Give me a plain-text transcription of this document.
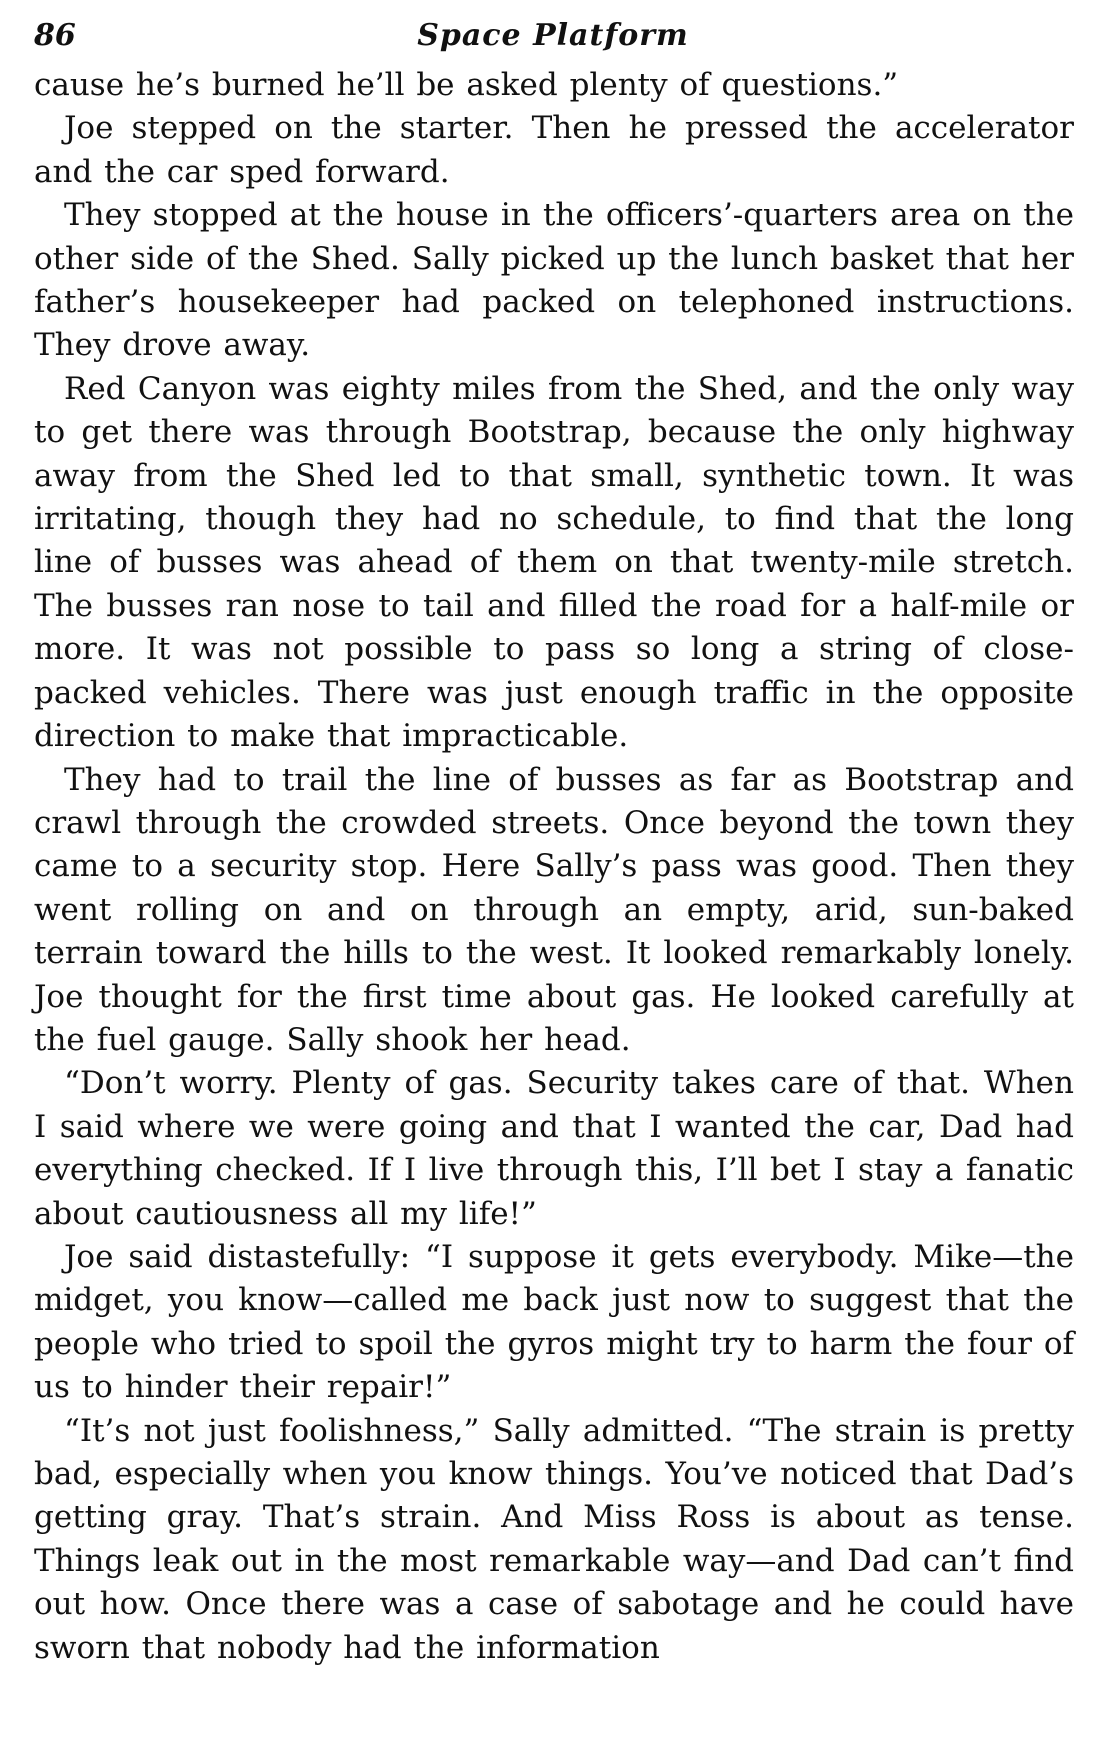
86	Space Platform

cause he’s burned he’ll be asked plenty of questions.”

Joe stepped on the starter. Then he pressed the accelerator and the car sped forward.

They stopped at the house in the officers’-quarters area on the other side of the Shed. Sally picked up the lunch basket that her father’s housekeeper had packed on telephoned instructions. They drove away.

Red Canyon was eighty miles from the Shed, and the only way to get there was through Bootstrap, because the only highway away from the Shed led to that small, synthetic town. It was irritating, though they had no schedule, to find that the long line of busses was ahead of them on that twenty-mile stretch. The busses ran nose to tail and filled the road for a half-mile or more. It was not possible to pass so long a string of close-packed vehicles. There was just enough traffic in the opposite direction to make that impracticable.

They had to trail the line of busses as far as Bootstrap and crawl through the crowded streets. Once beyond the town they came to a security stop. Here Sally’s pass was good. Then they went rolling on and on through an empty, arid, sun-baked terrain toward the hills to the west. It looked remarkably lonely. Joe thought for the first time about gas. He looked carefully at the fuel gauge. Sally shook her head.

“Don’t worry. Plenty of gas. Security takes care of that. When I said where we were going and that I wanted the car, Dad had everything checked. If I live through this, I’ll bet I stay a fanatic about cautiousness all my life!”

Joe said distastefully: “I suppose it gets everybody. Mike—the midget, you know—called me back just now to suggest that the people who tried to spoil the gyros might try to harm the four of us to hinder their repair!”

“It’s not just foolishness,” Sally admitted. “The strain is pretty bad, especially when you know things. You’ve noticed that Dad’s getting gray. That’s strain. And Miss Ross is about as tense. Things leak out in the most remarkable way—and Dad can’t find out how. Once there was a case of sabotage and he could have sworn that nobody had the information
